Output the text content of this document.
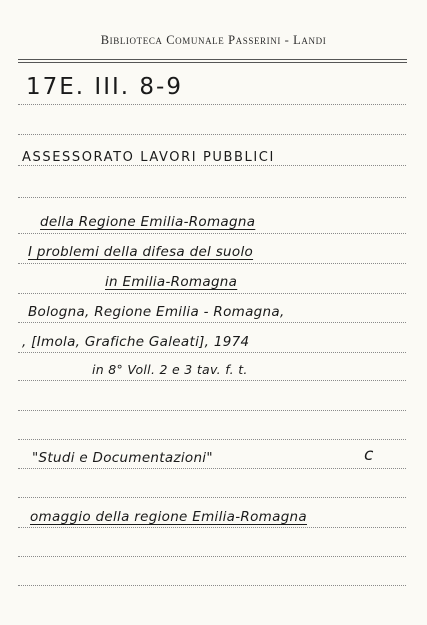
Biblioteca Comunale Passerini - Landi
17E. III. 8-9
ASSESSORATO LAVORI PUBBLICI
della Regione Emilia-Romagna
I problemi della difesa del suolo
in Emilia-Romagna
Bologna, Regione Emilia - Romagna,
, [Imola, Grafiche Galeati], 1974
in 8° Voll. 2 e 3 tav. f. t.
"Studi e Documentazioni"	c
omaggio della regione Emilia-Romagna
